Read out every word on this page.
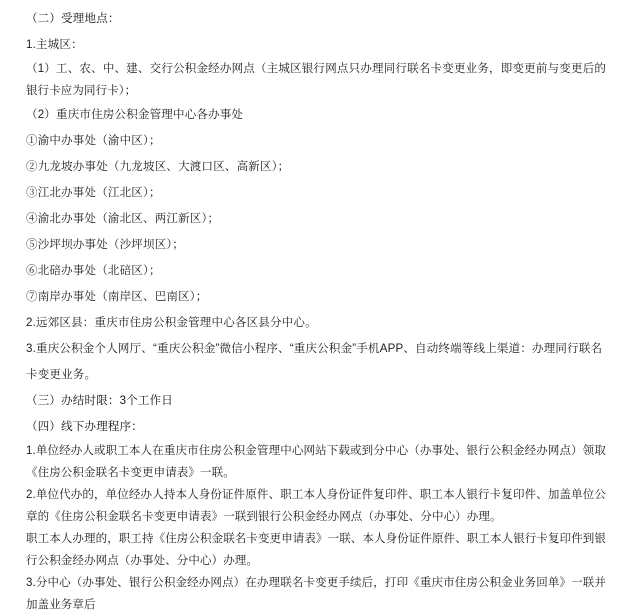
（二）受理地点：
1.主城区：
（1）工、农、中、建、交行公积金经办网点（主城区银行网点只办理同行联名卡变更业务，即变更前与变更后的银行卡应为同行卡）；
（2）重庆市住房公积金管理中心各办事处
①渝中办事处（渝中区）；
②九龙坡办事处（九龙坡区、大渡口区、高新区）；
③江北办事处（江北区）；
④渝北办事处（渝北区、两江新区）；
⑤沙坪坝办事处（沙坪坝区）；
⑥北碚办事处（北碚区）；
⑦南岸办事处（南岸区、巴南区）；
2.远郊区县：重庆市住房公积金管理中心各区县分中心。
3.重庆公积金个人网厅、“重庆公积金”微信小程序、“重庆公积金”手机APP、自动终端等线上渠道：办理同行联名卡变更业务。
（三）办结时限：3个工作日
（四）线下办理程序：
1.单位经办人或职工本人在重庆市住房公积金管理中心网站下载或到分中心（办事处、银行公积金经办网点）领取《住房公积金联名卡变更申请表》一联。
2.单位代办的，单位经办人持本人身份证件原件、职工本人身份证件复印件、职工本人银行卡复印件、加盖单位公章的《住房公积金联名卡变更申请表》一联到银行公积金经办网点（办事处、分中心）办理。
职工本人办理的，职工持《住房公积金联名卡变更申请表》一联、本人身份证件原件、职工本人银行卡复印件到银行公积金经办网点（办事处、分中心）办理。
3.分中心（办事处、银行公积金经办网点）在办理联名卡变更手续后，打印《重庆市住房公积金业务回单》一联并加盖业务章后
